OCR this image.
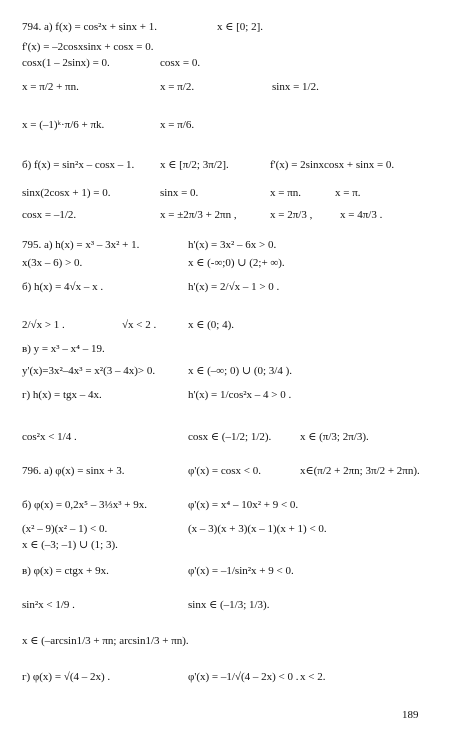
189
794. а) f(x) = cos²x + sinx + 1.	x ∈ [0; 2].
f'(x) = –2cosxsinx + cosx = 0.
cosx(1 – 2sinx) = 0.	cosx = 0.
x = π/2 + πn.	x = π/2.	sinx = 1/2.
x = (–1)ᵏ·π/6 + πk.	x = π/6.
б) f(x) = sin²x – cosx – 1. x ∈ [π/2; 3π/2].	f'(x) = 2sinxcosx + sinx = 0.
sinx(2cosx + 1) = 0.	sinx = 0.	x = πn.	x = π.
cosx = –1/2.	x = ±2π/3 + 2πn ,	x = 2π/3 ,	x = 4π/3 .
795. а) h(x) = x³ – 3x² + 1.	h'(x) = 3x² – 6x > 0.
x(3x – 6) > 0.	x ∈ (-∞;0) ∪ (2;+ ∞).
б) h(x) = 4√x – x .	h'(x) = 2/√x – 1 > 0 .
2/√x > 1 .	√x < 2 .	x ∈ (0; 4).
в) y = x³ – x⁴ – 19.
y'(x)=3x²–4x³ = x²(3 – 4x)> 0.	x ∈ (–∞; 0) ∪ (0; 3/4 ).
г) h(x) = tgx – 4x.	h'(x) = 1/cos²x – 4 > 0 .
cos²x < 1/4 .	cosx ∈ (–1/2; 1/2).	x ∈ (π/3; 2π/3).
796. а) φ(x) = sinx + 3.	φ'(x) = cosx < 0.	x∈(π/2 + 2πn; 3π/2 + 2πn).
б) φ(x) = 0,2x⁵ – 3⅓x³ + 9x.	φ'(x) = x⁴ – 10x² + 9 < 0.
(x² – 9)(x² – 1) < 0.	(x – 3)(x + 3)(x – 1)(x + 1) < 0.
x ∈ (–3; –1) ∪ (1; 3).
в) φ(x) = ctgx + 9x.	φ'(x) = –1/sin²x + 9 < 0.
sin²x < 1/9 .	sinx ∈ (–1/3; 1/3).
x ∈ (–arcsin1/3 + πn; arcsin1/3 + πn).
г) φ(x) = √(4 – 2x) .	φ'(x) = –1/√(4 – 2x) < 0 . x < 2.
